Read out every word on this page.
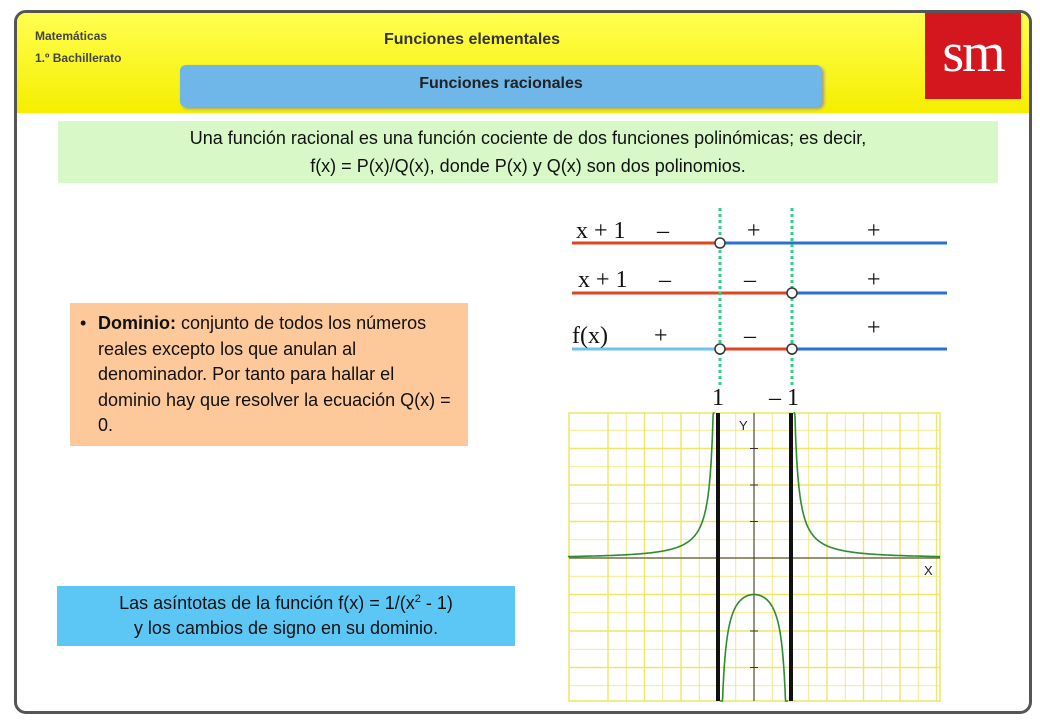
Matemáticas
1.º Bachillerato
Funciones elementales	sm
Funciones racionales
Una función racional es una función cociente de dos funciones polinómicas; es decir,
f(x) = P(x)/Q(x), donde P(x) y Q(x) son dos polinomios.
• Dominio: conjunto de todos los números reales excepto los que anulan al denominador. Por tanto para hallar el dominio hay que resolver la ecuación Q(x) = 0.
Las asíntotas de la función $f(x) = 1/(x^2 - 1)$
y los cambios de signo en su dominio.
x + 1 –	+	+
x + 1 –	–	+
f(x) +	–	+
1 – 1
Y
X
